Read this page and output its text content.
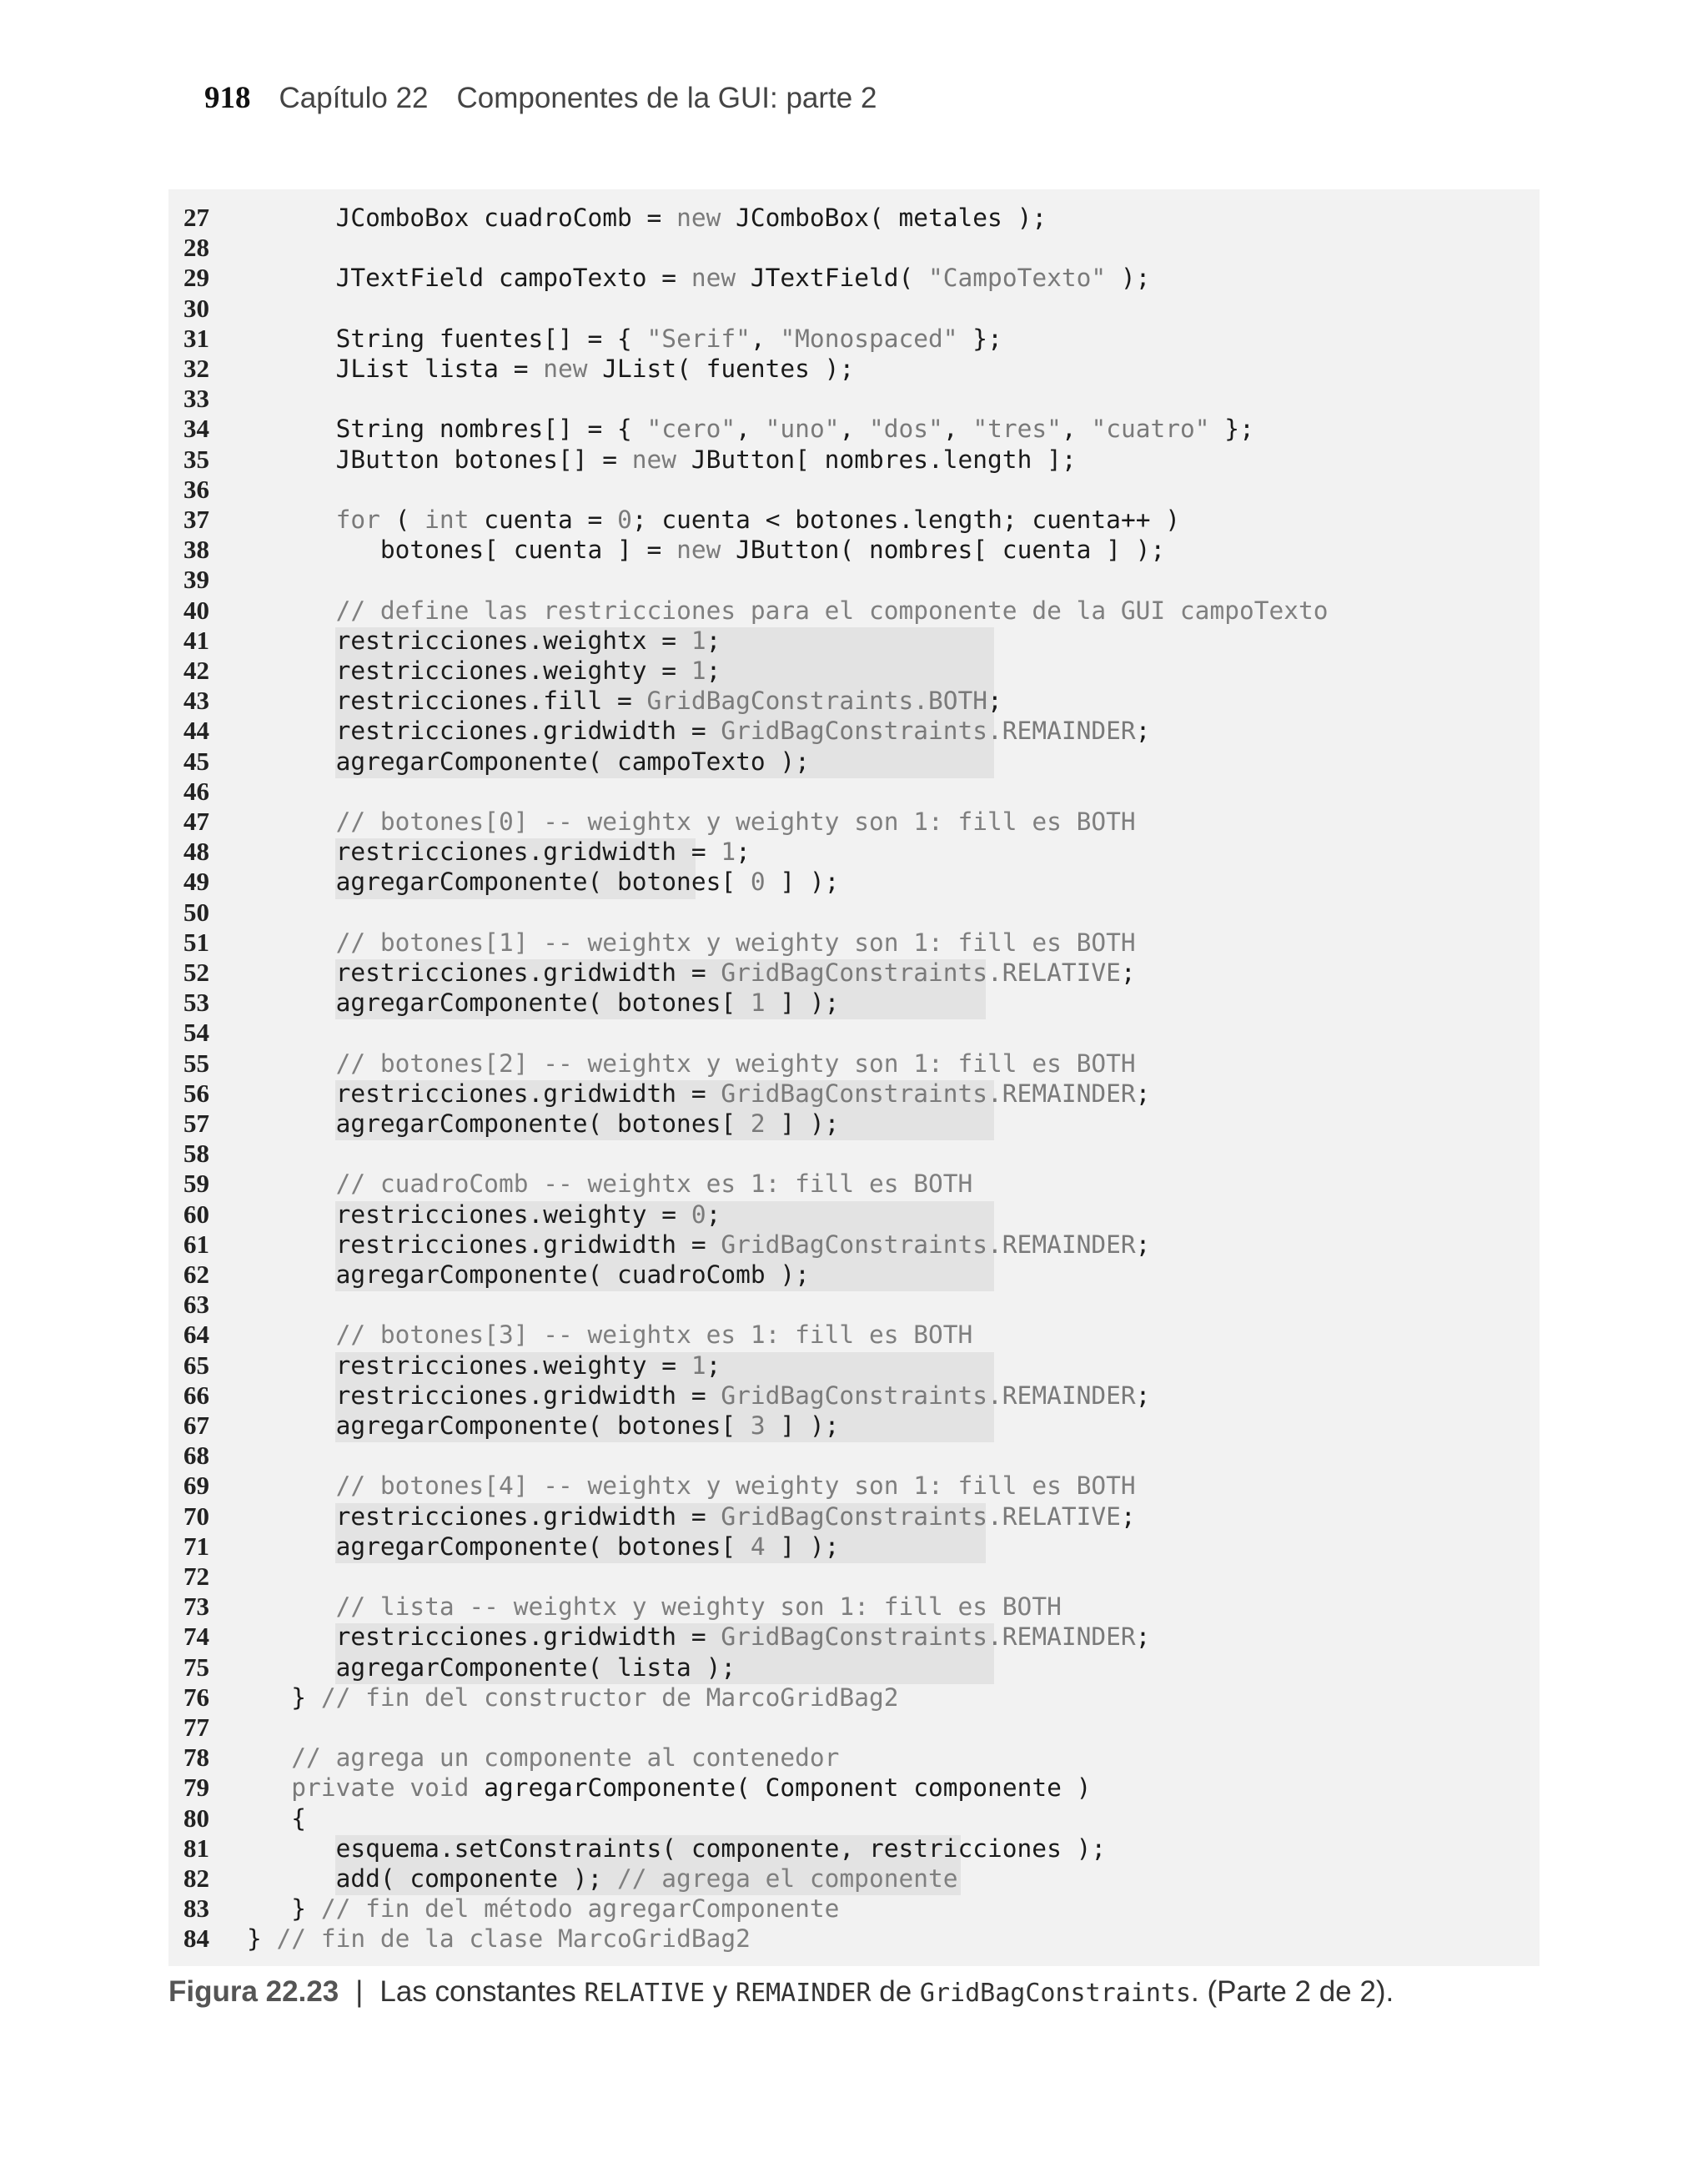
918 Capítulo 22 Componentes de la GUI: parte 2
27	JComboBox cuadroComb = new JComboBox( metales );
28
29	JTextField campoTexto = new JTextField( "CampoTexto" );
30
31	String fuentes[] = { "Serif", "Monospaced" };
32	JList lista = new JList( fuentes );
33
34	String nombres[] = { "cero", "uno", "dos", "tres", "cuatro" };
35	JButton botones[] = new JButton[ nombres.length ];
36
37	for ( int cuenta = 0; cuenta < botones.length; cuenta++ )
38	botones[ cuenta ] = new JButton( nombres[ cuenta ] );
39
40	// define las restricciones para el componente de la GUI campoTexto
41	restricciones.weightx = 1;
42	restricciones.weighty = 1;
43	restricciones.fill = GridBagConstraints.BOTH;
44	restricciones.gridwidth = GridBagConstraints.REMAINDER;
45	agregarComponente( campoTexto );
46
47	// botones[0] -- weightx y weighty son 1: fill es BOTH
48	restricciones.gridwidth = 1;
49	agregarComponente( botones[ 0 ] );
50
51	// botones[1] -- weightx y weighty son 1: fill es BOTH
52	restricciones.gridwidth = GridBagConstraints.RELATIVE;
53	agregarComponente( botones[ 1 ] );
54
55	// botones[2] -- weightx y weighty son 1: fill es BOTH
56	restricciones.gridwidth = GridBagConstraints.REMAINDER;
57	agregarComponente( botones[ 2 ] );
58
59	// cuadroComb -- weightx es 1: fill es BOTH
60	restricciones.weighty = 0;
61	restricciones.gridwidth = GridBagConstraints.REMAINDER;
62	agregarComponente( cuadroComb );
63
64	// botones[3] -- weightx es 1: fill es BOTH
65	restricciones.weighty = 1;
66	restricciones.gridwidth = GridBagConstraints.REMAINDER;
67	agregarComponente( botones[ 3 ] );
68
69	// botones[4] -- weightx y weighty son 1: fill es BOTH
70	restricciones.gridwidth = GridBagConstraints.RELATIVE;
71	agregarComponente( botones[ 4 ] );
72
73	// lista -- weightx y weighty son 1: fill es BOTH
74	restricciones.gridwidth = GridBagConstraints.REMAINDER;
75	agregarComponente( lista );
76	} // fin del constructor de MarcoGridBag2
77
78	// agrega un componente al contenedor
79	private void agregarComponente( Component componente )
80	{
81	esquema.setConstraints( componente, restricciones );
82	add( componente ); // agrega el componente
83	} // fin del método agregarComponente
84	} // fin de la clase MarcoGridBag2
Figura 22.23 | Las constantes RELATIVE y REMAINDER de GridBagConstraints. (Parte 2 de 2).
